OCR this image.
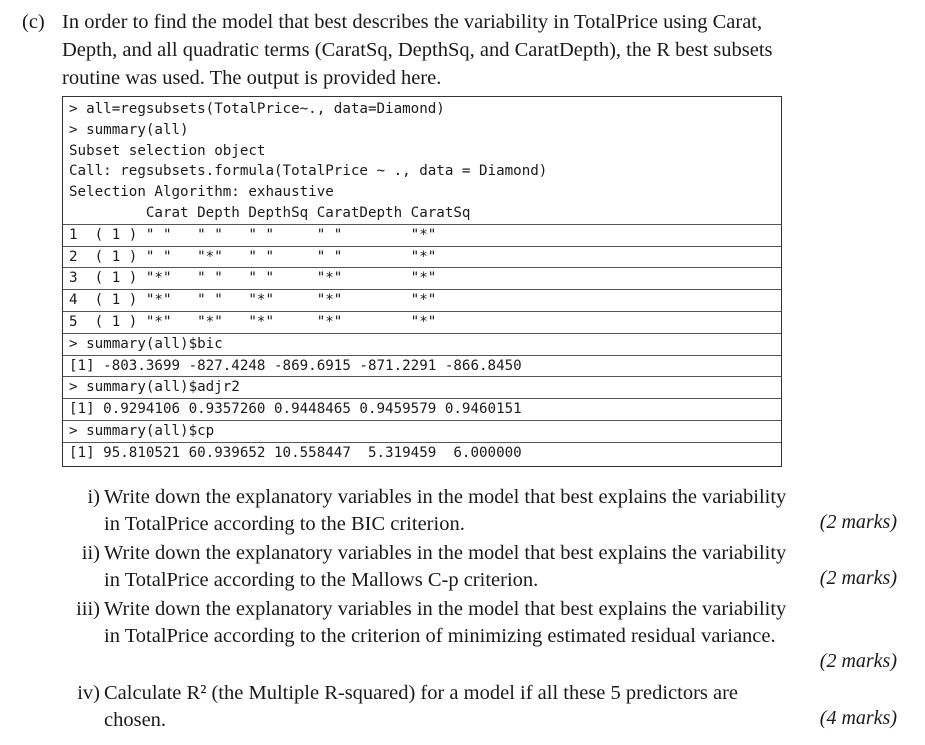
(c) In order to find the model that best describes the variability in TotalPrice using Carat, Depth, and all quadratic terms (CaratSq, DepthSq, and CaratDepth), the R best subsets routine was used. The output is provided here.
> all=regsubsets(TotalPrice~., data=Diamond)
> summary(all)
Subset selection object
Call: regsubsets.formula(TotalPrice ~ ., data = Diamond)
Selection Algorithm: exhaustive
Carat Depth DepthSq CaratDepth CaratSq
1  ( 1 ) " "   " "   " "     " "        "*"
2  ( 1 ) " "   "*"   " "     " "        "*"
3  ( 1 ) "*"   " "   " "     "*"        "*"
4  ( 1 ) "*"   " "   "*"     "*"        "*"
5  ( 1 ) "*"   "*"   "*"     "*"        "*"
> summary(all)$bic
[1] -803.3699 -827.4248 -869.6915 -871.2291 -866.8450
> summary(all)$adjr2
[1] 0.9294106 0.9357260 0.9448465 0.9459579 0.9460151
> summary(all)$cp
[1] 95.810521 60.939652 10.558447  5.319459  6.000000
i) Write down the explanatory variables in the model that best explains the variability in TotalPrice according to the BIC criterion.	(2 marks)
ii) Write down the explanatory variables in the model that best explains the variability in TotalPrice according to the Mallows C-p criterion.	(2 marks)
iii) Write down the explanatory variables in the model that best explains the variability in TotalPrice according to the criterion of minimizing estimated residual variance.
(2 marks)
iv) Calculate R² (the Multiple R-squared) for a model if all these 5 predictors are chosen.	(4 marks)
